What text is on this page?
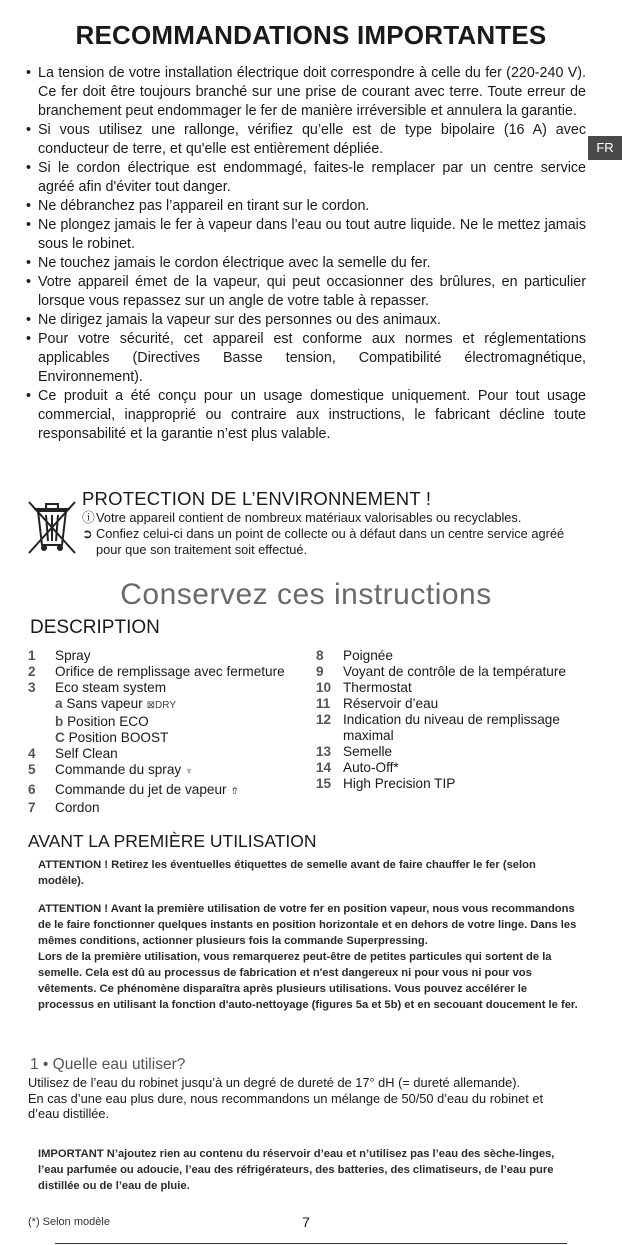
RECOMMANDATIONS IMPORTANTES
FR
• La tension de votre installation électrique doit correspondre à celle du fer (220-240 V). Ce fer doit être toujours branché sur une prise de courant avec terre. Toute erreur de branchement peut endommager le fer de manière irréversible et annulera la garantie.
• Si vous utilisez une rallonge, vérifiez qu’elle est de type bipolaire (16 A) avec conducteur de terre, et qu'elle est entièrement dépliée.
• Si le cordon électrique est endommagé, faites-le remplacer par un centre service agréé afin d'éviter tout danger.
• Ne débranchez pas l’appareil en tirant sur le cordon.
• Ne plongez jamais le fer à vapeur dans l’eau ou tout autre liquide. Ne le mettez jamais sous le robinet.
• Ne touchez jamais le cordon électrique avec la semelle du fer.
• Votre appareil émet de la vapeur, qui peut occasionner des brûlures, en particulier lorsque vous repassez sur un angle de votre table à repasser.
• Ne dirigez jamais la vapeur sur des personnes ou des animaux.
• Pour votre sécurité, cet appareil est conforme aux normes et réglementations applicables (Directives Basse tension, Compatibilité électromagnétique, Environnement).
• Ce produit a été conçu pour un usage domestique uniquement. Pour tout usage commercial, inapproprié ou contraire aux instructions, le fabricant décline toute responsabilité et la garantie n’est plus valable.
PROTECTION DE L’ENVIRONNEMENT !
ⓘ Votre appareil contient de nombreux matériaux valorisables ou recyclables.
➲ Confiez celui-ci dans un point de collecte ou à défaut dans un centre service agréé pour que son traitement soit effectué.
Conservez ces instructions
DESCRIPTION
1	Spray
2	Orifice de remplissage avec fermeture
3	Eco steam system
a Sans vapeur ⊠DRY
b Position ECO
C Position BOOST
4	Self Clean
5	Commande du spray ♆
6	Commande du jet de vapeur ⇮
7	Cordon
8	Poignée
9	Voyant de contrôle de la température
10 Thermostat
11 Réservoir d’eau
12 Indication du niveau de remplissage maximal
13 Semelle
14 Auto-Off*
15 High Precision TIP
AVANT LA PREMIÈRE UTILISATION

ATTENTION ! Retirez les éventuelles étiquettes de semelle avant de faire chauffer le fer (selon modèle).

ATTENTION ! Avant la première utilisation de votre fer en position vapeur, nous vous recommandons de le faire fonctionner quelques instants en position horizontale et en dehors de votre linge. Dans les mêmes conditions, actionner plusieurs fois la commande Superpressing.
Lors de la première utilisation, vous remarquerez peut-être de petites particules qui sortent de la semelle. Cela est dû au processus de fabrication et n'est dangereux ni pour vous ni pour vos vêtements. Ce phénomène disparaîtra après plusieurs utilisations. Vous pouvez accélérer le processus en utilisant la fonction d'auto-nettoyage (figures 5a et 5b) et en secouant doucement le fer.
1 • Quelle eau utiliser?
Utilisez de l’eau du robinet jusqu’à un degré de dureté de 17° dH (= dureté allemande).
En cas d’une eau plus dure, nous recommandons un mélange de 50/50 d’eau du robinet et d’eau distillée.

IMPORTANT N’ajoutez rien au contenu du réservoir d’eau et n’utilisez pas l’eau des sèche-linges, l’eau parfumée ou adoucie, l’eau des réfrigérateurs, des batteries, des climatiseurs, de l’eau pure distillée ou de l’eau de pluie.

(*) Selon modèle	7
